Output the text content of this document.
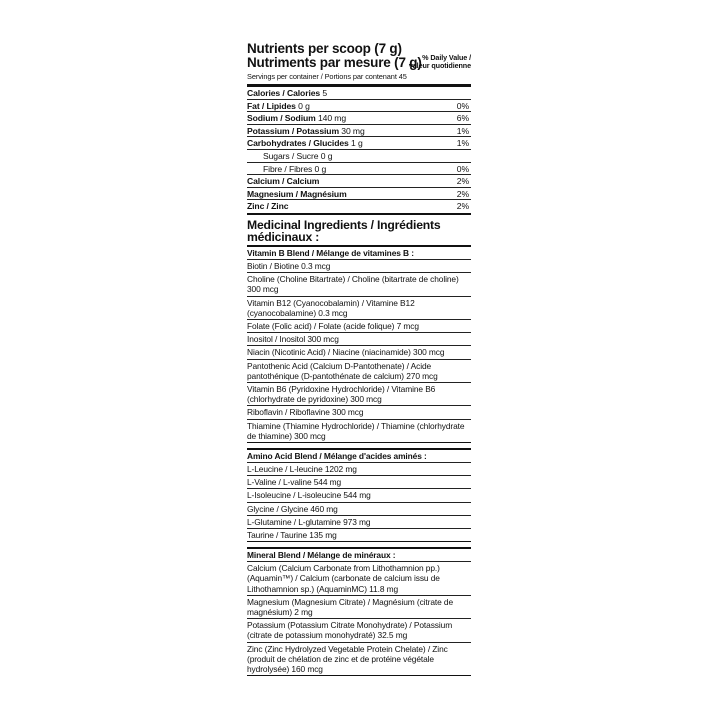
Nutrients per scoop (7 g)
Nutriments par mesure (7 g)
Servings per container / Portions par contenant 45
% Daily Value /
valeur quotidienne
Calories / Calories 5
Fat / Lipides 0 g	0%
Sodium / Sodium 140 mg	6%
Potassium / Potassium 30 mg	1%
Carbohydrates / Glucides 1 g	1%
Sugars / Sucre 0 g
Fibre / Fibres 0 g	0%
Calcium / Calcium	2%
Magnesium / Magnésium	2%
Zinc / Zinc	2%
Medicinal Ingredients / Ingrédients médicinaux :
Vitamin B Blend / Mélange de vitamines B :
Biotin / Biotine 0.3 mcg
Choline (Choline Bitartrate) / Choline (bitartrate de choline) 300 mcg
Vitamin B12 (Cyanocobalamin) / Vitamine B12 (cyanocobalamine) 0.3 mcg
Folate (Folic acid) / Folate (acide folique) 7 mcg
Inositol / Inositol 300 mcg
Niacin (Nicotinic Acid) / Niacine (niacinamide) 300 mcg
Pantothenic Acid (Calcium D-Pantothenate) / Acide pantothénique (D-pantothénate de calcium) 270 mcg
Vitamin B6 (Pyridoxine Hydrochloride) / Vitamine B6 (chlorhydrate de pyridoxine) 300 mcg
Riboflavin / Riboflavine 300 mcg
Thiamine (Thiamine Hydrochloride) / Thiamine (chlorhydrate de thiamine) 300 mcg
Amino Acid Blend / Mélange d'acides aminés :
L-Leucine / L-leucine 1202 mg
L-Valine / L-valine 544 mg
L-Isoleucine / L-isoleucine 544 mg
Glycine / Glycine 460 mg
L-Glutamine / L-glutamine 973 mg
Taurine / Taurine 135 mg
Mineral Blend / Mélange de minéraux :
Calcium (Calcium Carbonate from Lithothamnion pp.) (Aquamin™) / Calcium (carbonate de calcium issu de Lithothamnion sp.) (AquaminMC) 11.8 mg
Magnesium (Magnesium Citrate) / Magnésium (citrate de magnésium) 2 mg
Potassium (Potassium Citrate Monohydrate) / Potassium (citrate de potassium monohydraté) 32.5 mg
Zinc (Zinc Hydrolyzed Vegetable Protein Chelate) / Zinc (produit de chélation de zinc et de protéine végétale hydrolysée) 160 mcg
